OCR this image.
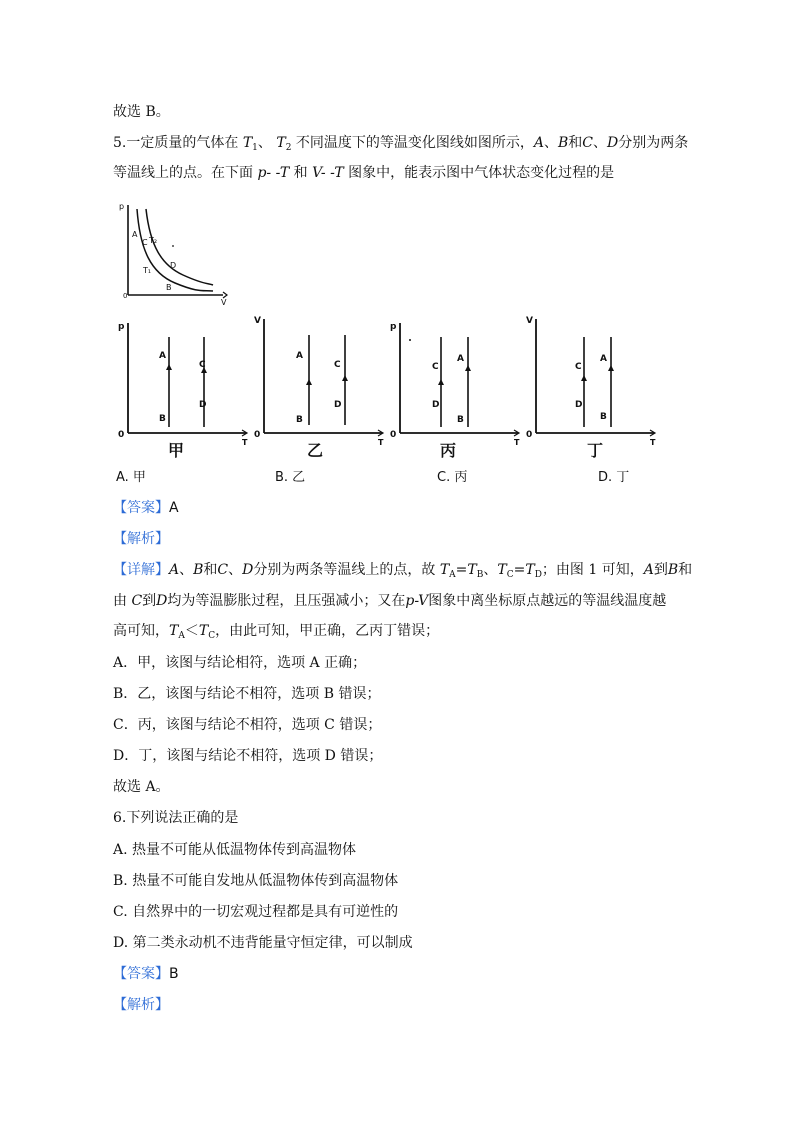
故选 B。
5.一定质量的气体在 $T_1$、 $T_2$ 不同温度下的等温变化图线如图所示，A、B和C、D分别为两条
等温线上的点。在下面 p- -T 和 V- -T 图象中，能表示图中气体状态变化过程的是
p
V
0
A
C T₂
D
T₁
B
p
T
0
A
B
C
D
甲
V
T
0
A
B
C
D
乙
p
T
0
C
D
A
B
丙
V
T
0
C
D
A
B
丁
A. 甲	B. 乙	C. 丙	D. 丁
【答案】A
【解析】
【详解】A、B和C、D分别为两条等温线上的点，故 $T_A=T_B$、$T_C=T_D$；由图 1 可知，A到B和
由 C到D均为等温膨胀过程，且压强减小；又在p-V图象中离坐标原点越远的等温线温度越
高可知，$T_A<T_C$，由此可知，甲正确，乙丙丁错误；
A．甲，该图与结论相符，选项 A 正确；
B．乙，该图与结论不相符，选项 B 错误；
C．丙，该图与结论不相符，选项 C 错误；
D．丁，该图与结论不相符，选项 D 错误；
故选 A。
6.下列说法正确的是
A. 热量不可能从低温物体传到高温物体
B. 热量不可能自发地从低温物体传到高温物体
C. 自然界中的一切宏观过程都是具有可逆性的
D. 第二类永动机不违背能量守恒定律，可以制成
【答案】B
【解析】
